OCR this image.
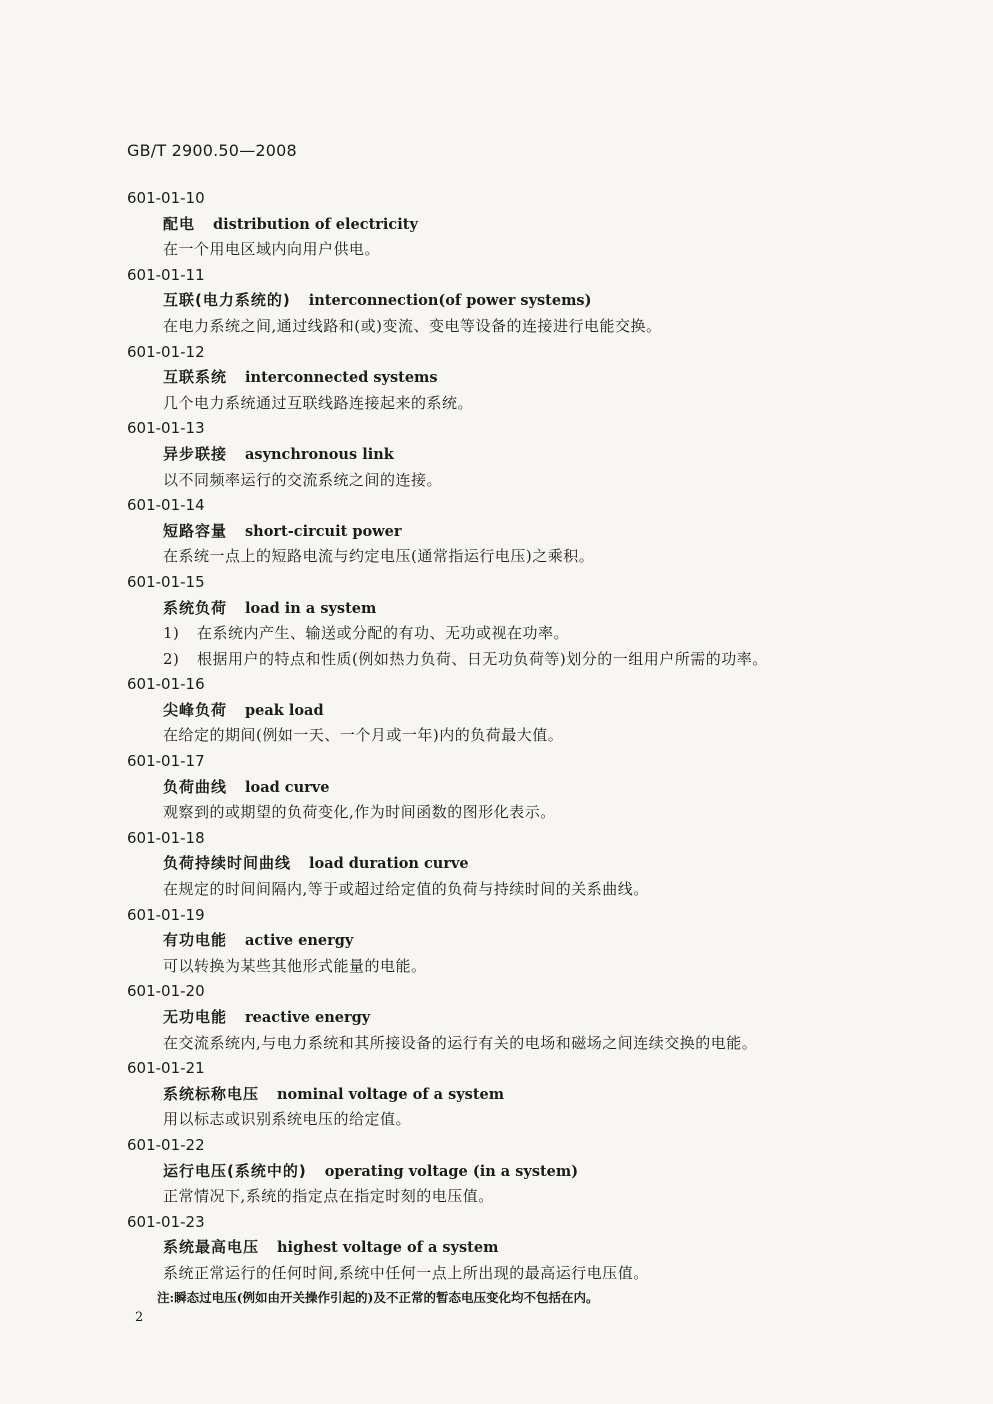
GB/T 2900.50—2008
601-01-10
配电 distribution of electricity
在一个用电区域内向用户供电。
601-01-11
互联(电力系统的) interconnection(of power systems)
在电力系统之间,通过线路和(或)变流、变电等设备的连接进行电能交换。
601-01-12
互联系统 interconnected systems
几个电力系统通过互联线路连接起来的系统。
601-01-13
异步联接 asynchronous link
以不同频率运行的交流系统之间的连接。
601-01-14
短路容量 short-circuit power
在系统一点上的短路电流与约定电压(通常指运行电压)之乘积。
601-01-15
系统负荷 load in a system
1) 在系统内产生、输送或分配的有功、无功或视在功率。
2) 根据用户的特点和性质(例如热力负荷、日无功负荷等)划分的一组用户所需的功率。
601-01-16
尖峰负荷 peak load
在给定的期间(例如一天、一个月或一年)内的负荷最大值。
601-01-17
负荷曲线 load curve
观察到的或期望的负荷变化,作为时间函数的图形化表示。
601-01-18
负荷持续时间曲线 load duration curve
在规定的时间间隔内,等于或超过给定值的负荷与持续时间的关系曲线。
601-01-19
有功电能 active energy
可以转换为某些其他形式能量的电能。
601-01-20
无功电能 reactive energy
在交流系统内,与电力系统和其所接设备的运行有关的电场和磁场之间连续交换的电能。
601-01-21
系统标称电压 nominal voltage of a system
用以标志或识别系统电压的给定值。
601-01-22
运行电压(系统中的) operating voltage (in a system)
正常情况下,系统的指定点在指定时刻的电压值。
601-01-23
系统最高电压 highest voltage of a system
系统正常运行的任何时间,系统中任何一点上所出现的最高运行电压值。
注:瞬态过电压(例如由开关操作引起的)及不正常的暂态电压变化均不包括在内。
2
